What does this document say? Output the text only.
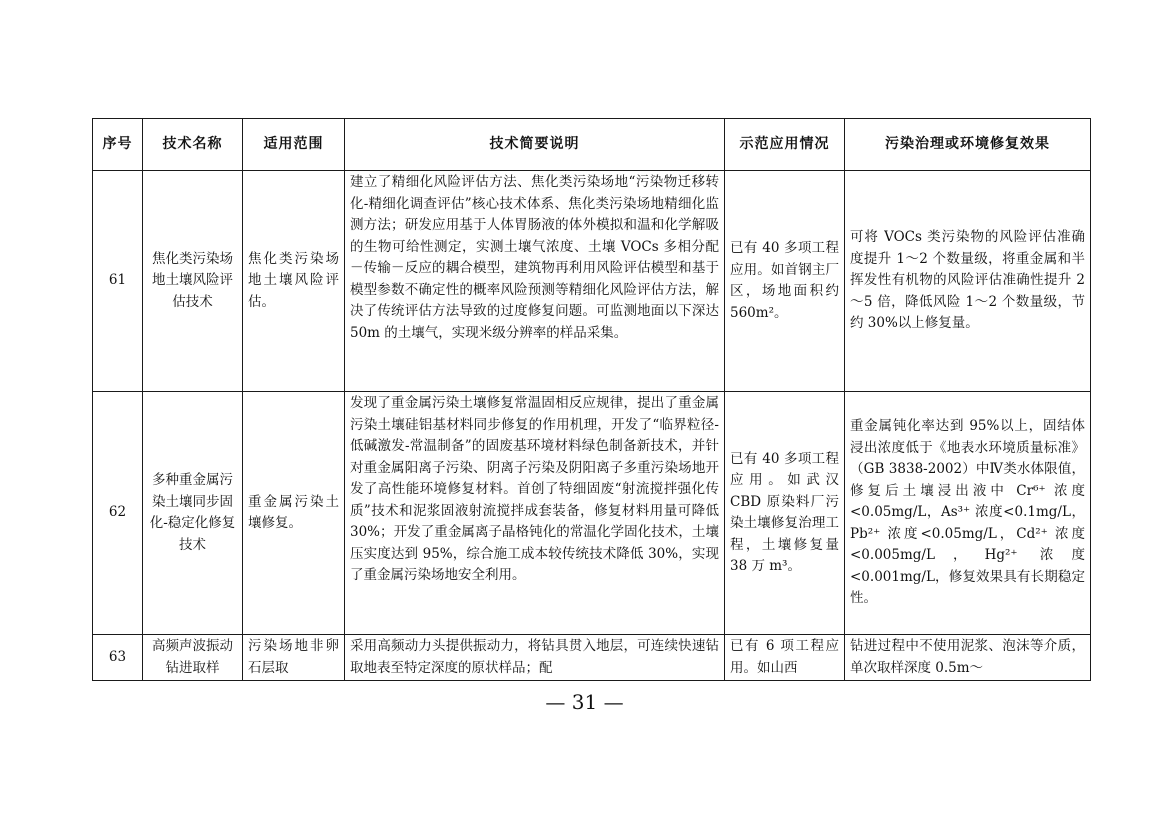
序号	技术名称	适用范围	技术简要说明	示范应用情况	污染治理或环境修复效果
61	焦化类污染场地土壤风险评估技术	焦化类污染场地土壤风险评估。	建立了精细化风险评估方法、焦化类污染场地“污染物迁移转化-精细化调查评估”核心技术体系、焦化类污染场地精细化监测方法；研发应用基于人体胃肠液的体外模拟和温和化学解吸的生物可给性测定，实测土壤气浓度、土壤 VOCs 多相分配－传输－反应的耦合模型，建筑物再利用风险评估模型和基于模型参数不确定性的概率风险预测等精细化风险评估方法，解决了传统评估方法导致的过度修复问题。可监测地面以下深达 50m 的土壤气，实现米级分辨率的样品采集。	已有 40 多项工程应用。如首钢主厂区，场地面积约 560m²。	可将 VOCs 类污染物的风险评估准确度提升 1～2 个数量级，将重金属和半挥发性有机物的风险评估准确性提升 2～5 倍，降低风险 1～2 个数量级，节约 30%以上修复量。
62	多种重金属污染土壤同步固化-稳定化修复技术	重金属污染土壤修复。	发现了重金属污染土壤修复常温固相反应规律，提出了重金属污染土壤硅铝基材料同步修复的作用机理，开发了“临界粒径-低碱激发-常温制备”的固废基环境材料绿色制备新技术，并针对重金属阳离子污染、阴离子污染及阴阳离子多重污染场地开发了高性能环境修复材料。首创了特细固废“射流搅拌强化传质”技术和泥浆固液射流搅拌成套装备，修复材料用量可降低 30%；开发了重金属离子晶格钝化的常温化学固化技术，土壤压实度达到 95%，综合施工成本较传统技术降低 30%，实现了重金属污染场地安全利用。	已有 40 多项工程应用。如武汉 CBD 原染料厂污染土壤修复治理工程，土壤修复量 38 万 m³。	重金属钝化率达到 95%以上，固结体浸出浓度低于《地表水环境质量标准》（GB 3838-2002）中Ⅳ类水体限值，修复后土壤浸出液中 Cr⁶⁺ 浓度<0.05mg/L，As³⁺ 浓度<0.1mg/L，Pb²⁺ 浓度<0.05mg/L，Cd²⁺ 浓度<0.005mg/L，Hg²⁺ 浓度<0.001mg/L，修复效果具有长期稳定性。
63	高频声波振动钻进取样	污染场地非卵石层取	采用高频动力头提供振动力，将钻具贯入地层，可连续快速钻取地表至特定深度的原状样品；配	已有 6 项工程应用。如山西	钻进过程中不使用泥浆、泡沫等介质，单次取样深度 0.5m～
— 31 —
